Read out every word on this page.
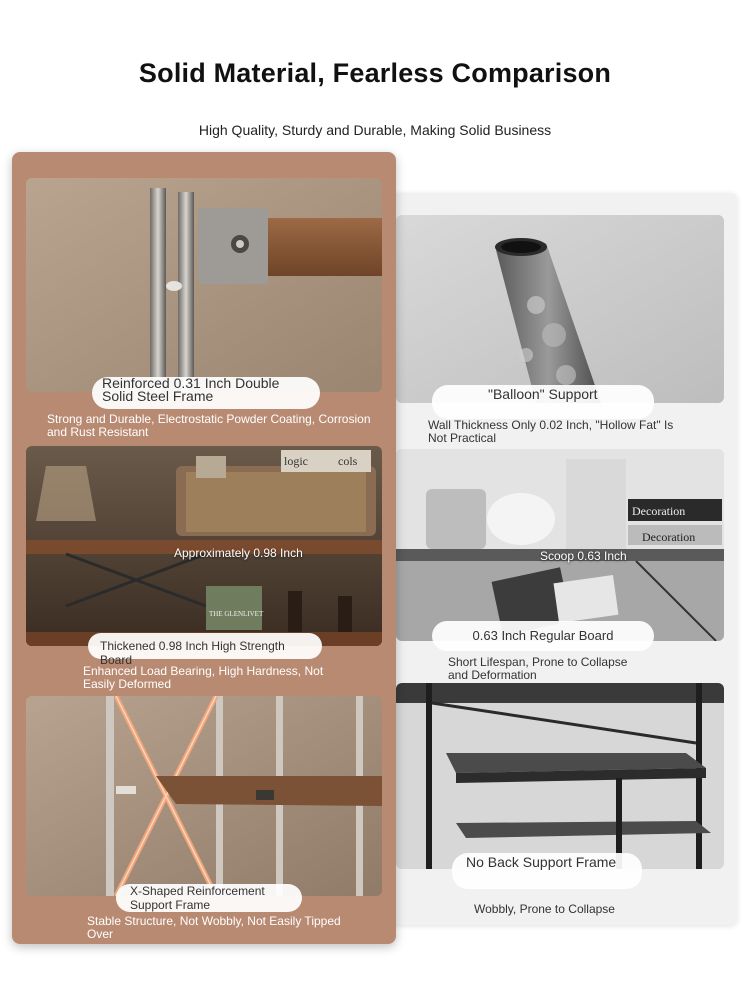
Solid Material, Fearless Comparison
High Quality, Sturdy and Durable, Making Solid Business
"Balloon" Support
Wall Thickness Only 0.02 Inch, "Hollow Fat" Is Not Practical
Decoration
Decoration
Scoop 0.63 Inch
0.63 Inch Regular Board
Short Lifespan, Prone to Collapse and Deformation
No Back Support Frame
Wobbly, Prone to Collapse
Reinforced 0.31 Inch Double Solid Steel Frame
Strong and Durable, Electrostatic Powder Coating, Corrosion and Rust Resistant
logic	cols
THE GLENLIVET
Approximately 0.98 Inch
Thickened 0.98 Inch High Strength Board
Enhanced Load Bearing, High Hardness, Not Easily Deformed
X-Shaped Reinforcement Support Frame
Stable Structure, Not Wobbly, Not Easily Tipped Over
